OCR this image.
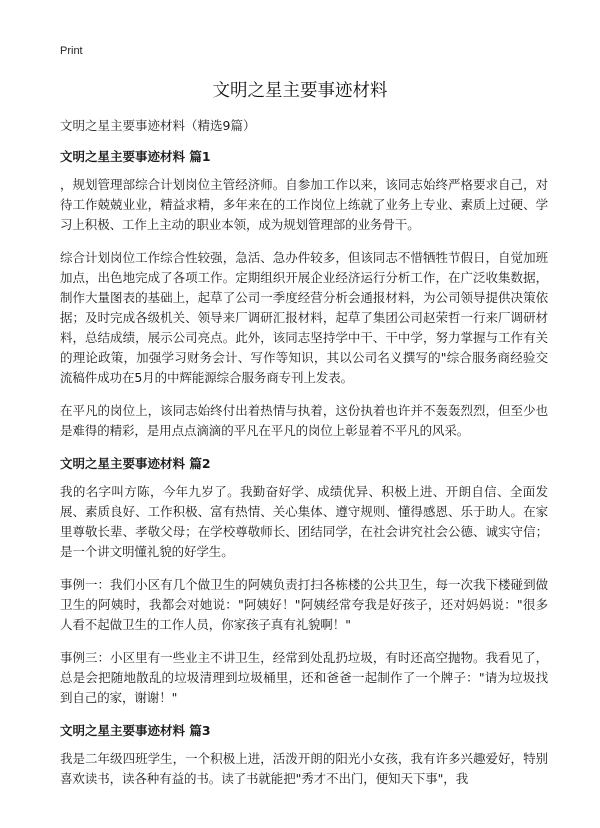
Print
文明之星主要事迹材料
文明之星主要事迹材料（精选9篇）
文明之星主要事迹材料 篇1
，规划管理部综合计划岗位主管经济师。自参加工作以来，该同志始终严格要求自己，对待工作兢兢业业，精益求精，多年来在的工作岗位上练就了业务上专业、素质上过硬、学习上积极、工作上主动的职业本领，成为规划管理部的业务骨干。
综合计划岗位工作综合性较强，急活、急办件较多，但该同志不惜牺牲节假日，自觉加班加点，出色地完成了各项工作。定期组织开展企业经济运行分析工作，在广泛收集数据，制作大量图表的基础上，起草了公司一季度经营分析会通报材料，为公司领导提供决策依据；及时完成各级机关、领导来厂调研汇报材料，起草了集团公司赵荣哲一行来厂调研材料，总结成绩，展示公司亮点。此外，该同志坚持学中干、干中学，努力掌握与工作有关的理论政策，加强学习财务会计、写作等知识，其以公司名义撰写的"综合服务商经验交流稿件成功在5月的中辉能源综合服务商专刊上发表。
在平凡的岗位上，该同志始终付出着热情与执着，这份执着也许并不轰轰烈烈，但至少也是难得的精彩，是用点点滴滴的平凡在平凡的岗位上彰显着不平凡的风采。
文明之星主要事迹材料 篇2
我的名字叫方陈，今年九岁了。我勤奋好学、成绩优异、积极上进、开朗自信、全面发展、素质良好、工作积极、富有热情、关心集体、遵守规则、懂得感恩、乐于助人。在家里尊敬长辈、孝敬父母；在学校尊敬师长、团结同学，在社会讲究社会公德、诚实守信；是一个讲文明懂礼貌的好学生。
事例一：我们小区有几个做卫生的阿姨负责打扫各栋楼的公共卫生，每一次我下楼碰到做卫生的阿姨时，我都会对她说："阿姨好！"阿姨经常夸我是好孩子，还对妈妈说："很多人看不起做卫生的工作人员，你家孩子真有礼貌啊！"
事例三：小区里有一些业主不讲卫生，经常到处乱扔垃圾，有时还高空抛物。我看见了，总是会把随地散乱的垃圾清理到垃圾桶里，还和爸爸一起制作了一个牌子："请为垃圾找到自己的家，谢谢！"
文明之星主要事迹材料 篇3
我是二年级四班学生，一个积极上进，活泼开朗的阳光小女孩，我有许多兴趣爱好，特别喜欢读书，读各种有益的书。读了书就能把"秀才不出门，便知天下事"，我
